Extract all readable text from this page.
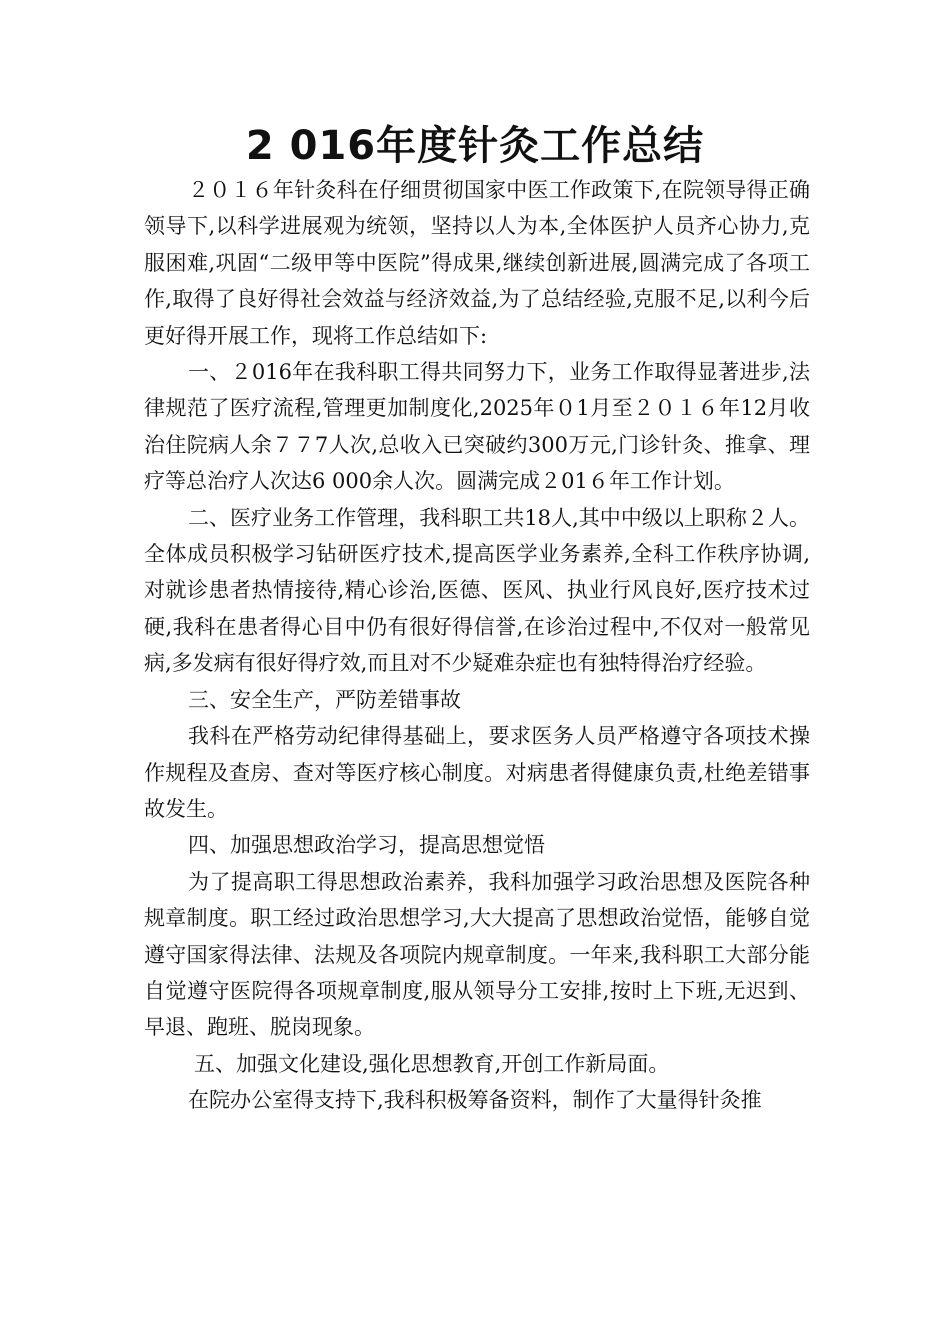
2 016年度针灸工作总结

２０１６年针灸科在仔细贯彻国家中医工作政策下,在院领导得正确领导下,以科学进展观为统领，坚持以人为本,全体医护人员齐心协力,克服困难,巩固“二级甲等中医院”得成果,继续创新进展,圆满完成了各项工作,取得了良好得社会效益与经济效益,为了总结经验,克服不足,以利今后更好得开展工作，现将工作总结如下:

一、２016年在我科职工得共同努力下，业务工作取得显著进步,法律规范了医疗流程,管理更加制度化,2025年０1月至２０１６年12月收治住院病人余７７7人次,总收入已突破约300万元,门诊针灸、推拿、理疗等总治疗人次达6 000余人次。圆满完成２01６年工作计划。

二、医疗业务工作管理，我科职工共18人,其中中级以上职称２人。全体成员积极学习钻研医疗技术,提高医学业务素养,全科工作秩序协调,对就诊患者热情接待,精心诊治,医德、医风、执业行风良好,医疗技术过硬,我科在患者得心目中仍有很好得信誉,在诊治过程中,不仅对一般常见病,多发病有很好得疗效,而且对不少疑难杂症也有独特得治疗经验。

三、安全生产，严防差错事故

我科在严格劳动纪律得基础上，要求医务人员严格遵守各项技术操作规程及查房、查对等医疗核心制度。对病患者得健康负责,杜绝差错事故发生。

四、加强思想政治学习，提高思想觉悟

为了提高职工得思想政治素养，我科加强学习政治思想及医院各种规章制度。职工经过政治思想学习,大大提高了思想政治觉悟，能够自觉遵守国家得法律、法规及各项院内规章制度。一年来,我科职工大部分能自觉遵守医院得各项规章制度,服从领导分工安排,按时上下班,无迟到、早退、跑班、脱岗现象。

五、加强文化建设,强化思想教育,开创工作新局面。

在院办公室得支持下,我科积极筹备资料，制作了大量得针灸推
